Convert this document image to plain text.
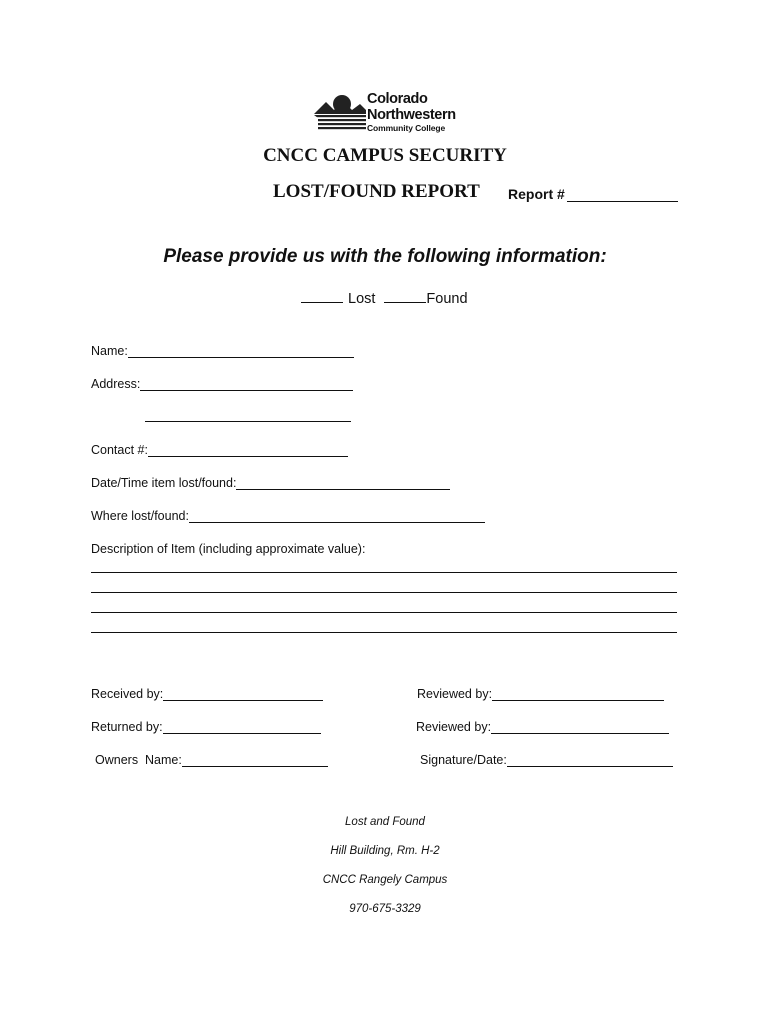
Colorado
Northwestern
Community College
CNCC CAMPUS SECURITY
LOST/FOUND REPORT Report #

Please provide us with the following information:

Lost	Found
Name:
Address:
Contact #:
Date/Time item lost/found:
Where lost/found:
Description of Item (including approximate value):
Received by:	Reviewed by:
Returned by:	Reviewed by:
Owners  Name:	Signature/Date:
Lost and Found
Hill Building, Rm. H-2
CNCC Rangely Campus
970-675-3329
